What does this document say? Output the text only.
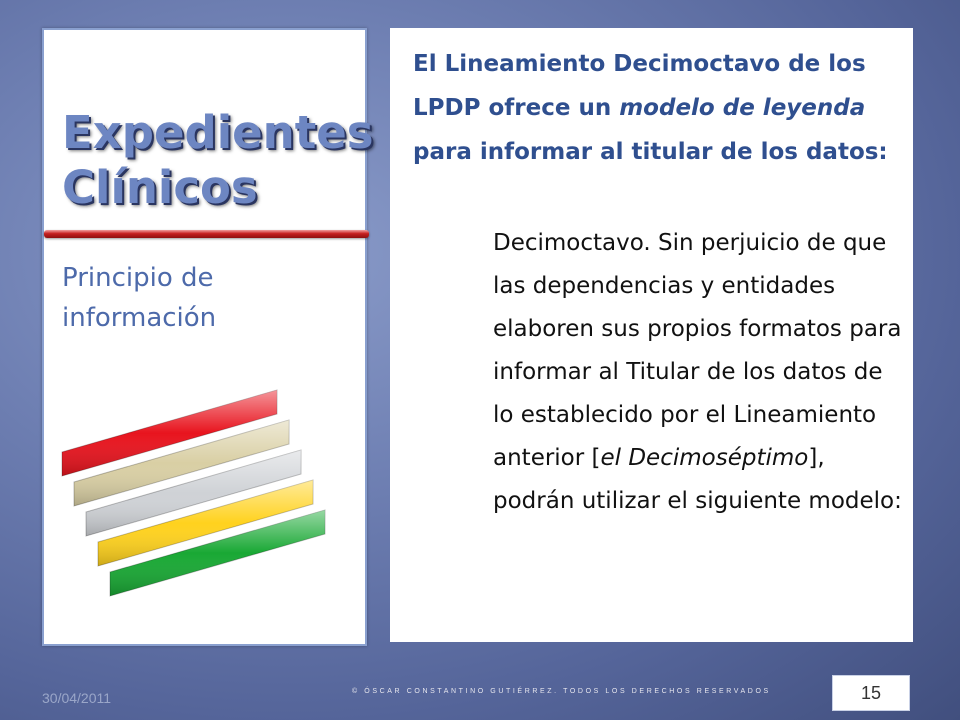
Expedientes
Clínicos

Principio de información

El Lineamiento Decimoctavo de los LPDP ofrece un modelo de leyenda para informar al titular de los datos:

Decimoctavo. Sin perjuicio de que las dependencias y entidades elaboren sus propios formatos para informar al Titular de los datos de lo establecido por el Lineamiento anterior [el Decimoséptimo], podrán utilizar el siguiente modelo:

30/04/2011	© ÓSCAR CONSTANTINO GUTIÉRREZ. TODOS LOS DERECHOS RESERVADOS	15
